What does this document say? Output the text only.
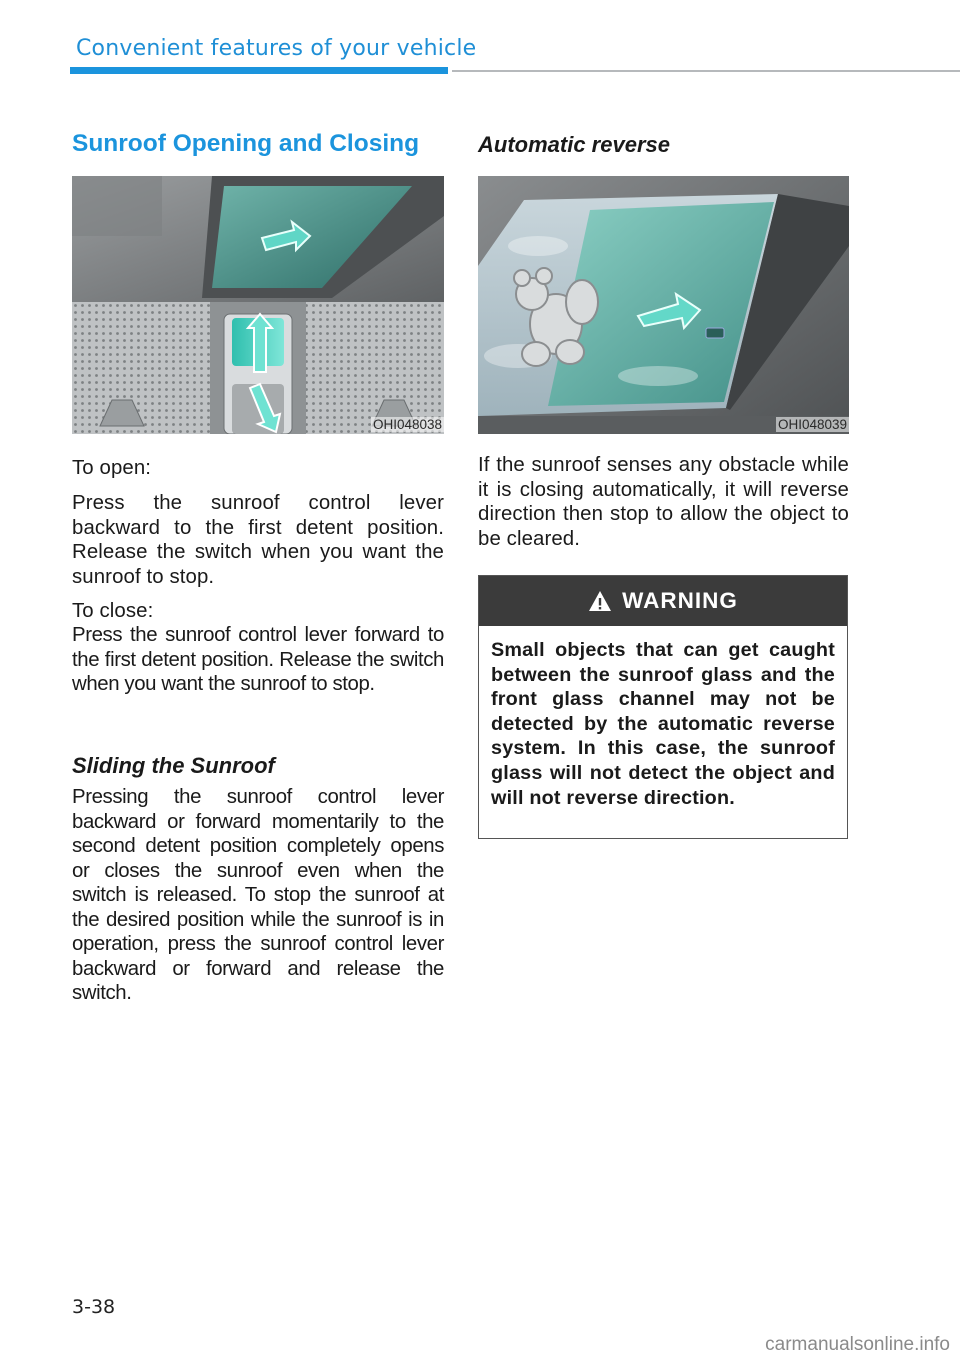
Convenient features of your vehicle
Sunroof Opening and Closing
OHI048038

To open:

Press the sunroof control lever backward to the first detent position. Release the switch when you want the sunroof to stop.

To close:

Press the sunroof control lever forward to the first detent position. Release the switch when you want the sunroof to stop.

Sliding the Sunroof

Pressing the sunroof control lever backward or forward momentarily to the second detent position completely opens or closes the sunroof even when the switch is released. To stop the sunroof at the desired position while the sunroof is in operation, press the sunroof control lever backward or forward and release the switch.

Automatic reverse
OHI048039

If the sunroof senses any obstacle while it is closing automatically, it will reverse direction then stop to allow the object to be cleared.

WARNING

Small objects that can get caught between the sunroof glass and the front glass channel may not be detected by the automatic reverse system. In this case, the sunroof glass will not detect the object and will not reverse direction.

3-38
carmanualsonline.info
